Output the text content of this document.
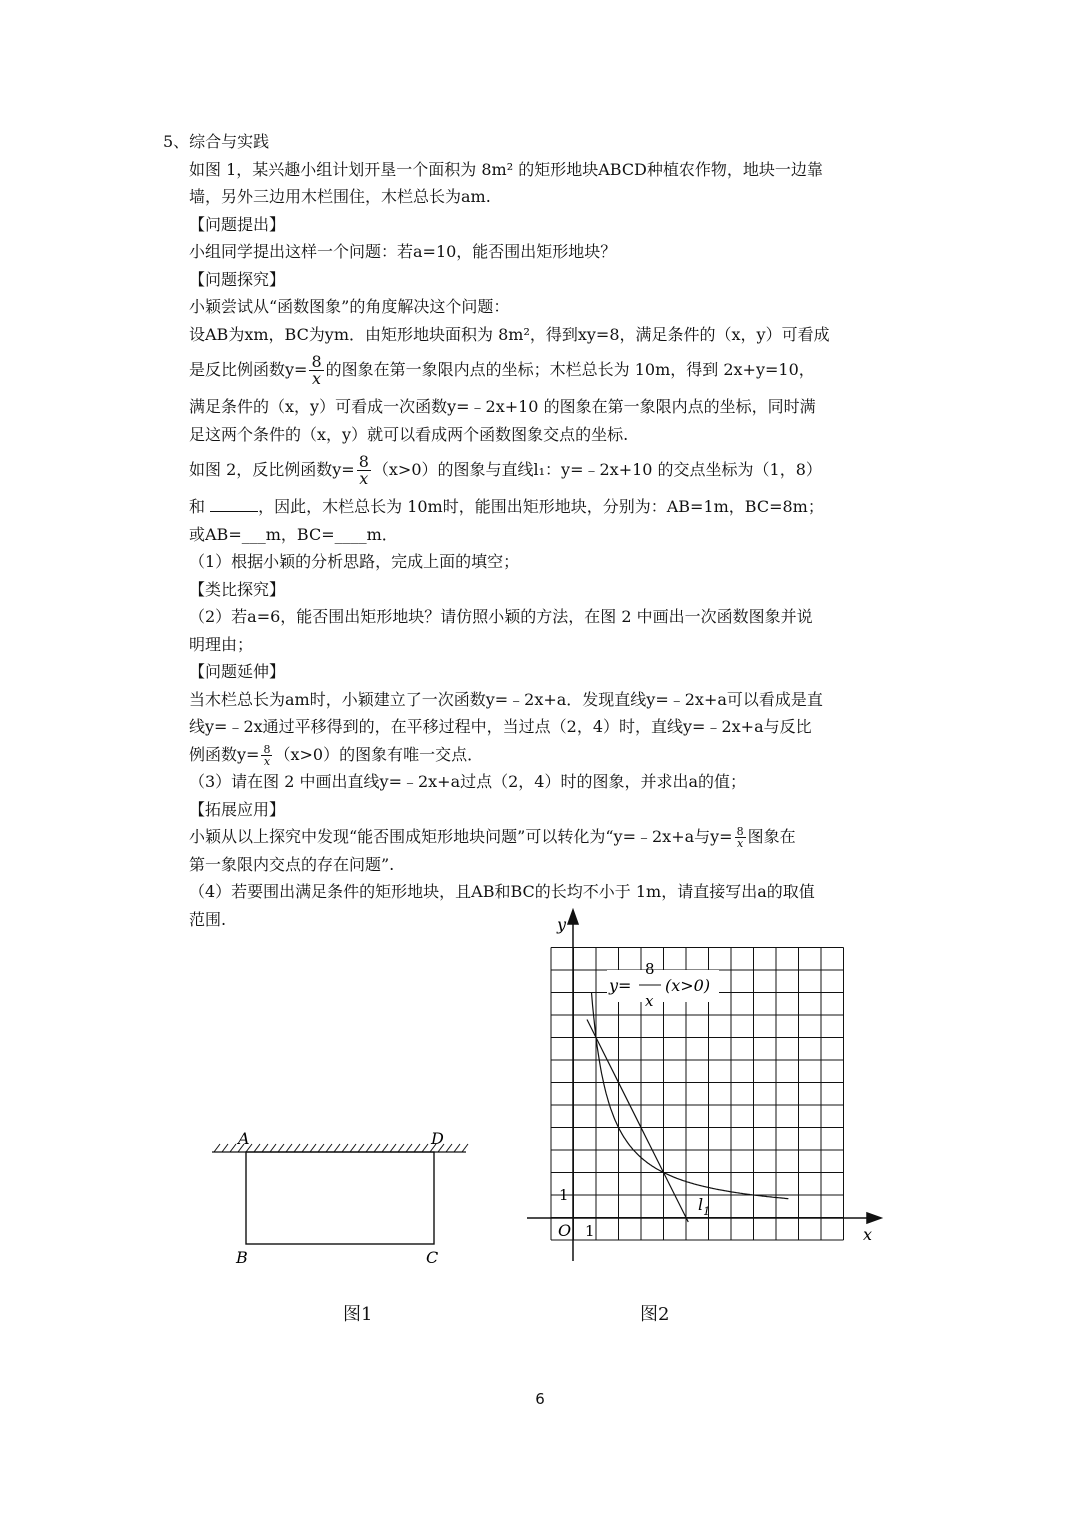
5、综合与实践
如图 1，某兴趣小组计划开垦一个面积为 8m² 的矩形地块ABCD种植农作物，地块一边靠
墙，另外三边用木栏围住，木栏总长为am.
【问题提出】
小组同学提出这样一个问题：若a=10，能否围出矩形地块？
【问题探究】
小颖尝试从“函数图象”的角度解决这个问题：
设AB为xm，BC为ym．由矩形地块面积为 8m²，得到xy=8，满足条件的（x，y）可看成
是反比例函数$y= \frac{8}{x}$ 的图象在第一象限内点的坐标；木栏总长为 10m，得到 2x+y=10，
满足条件的（x，y）可看成一次函数y=﹣2x+10 的图象在第一象限内点的坐标，同时满
足这两个条件的（x，y）就可以看成两个函数图象交点的坐标.
如图 2，反比例函数$y= \frac{8}{x} (x>0)$的图象与直线l₁：y=﹣2x+10 的交点坐标为（1，8）
和	，因此，木栏总长为 10m时，能围出矩形地块，分别为：AB=1m，BC=8m；
或AB=___m，BC=____m．
（1）根据小颖的分析思路，完成上面的填空；
【类比探究】
（2）若a=6，能否围出矩形地块？请仿照小颖的方法，在图 2 中画出一次函数图象并说
明理由；
【问题延伸】
当木栏总长为am时，小颖建立了一次函数y=﹣2x+a．发现直线y=﹣2x+a可以看成是直
线y=﹣2x通过平移得到的，在平移过程中，当过点（2，4）时，直线y=﹣2x+a与反比
例函数$y= \frac{8}{x} (x>0)$的图象有唯一交点．
（3）请在图 2 中画出直线y=﹣2x+a过点（2，4）时的图象，并求出a的值；
【拓展应用】
小颖从以上探究中发现“能否围成矩形地块问题”可以转化为“y=﹣2x+a与$y= \frac{8}{x}$ 图象在
第一象限内交点的存在问题”.
（4）若要围出满足条件的矩形地块，且AB和BC的长均不小于 1m，请直接写出a的取值
范围.
A	D
B	C
图1
y
x
O 1
1
y=
8
x
(x>0)
$l_1$
图2
6
